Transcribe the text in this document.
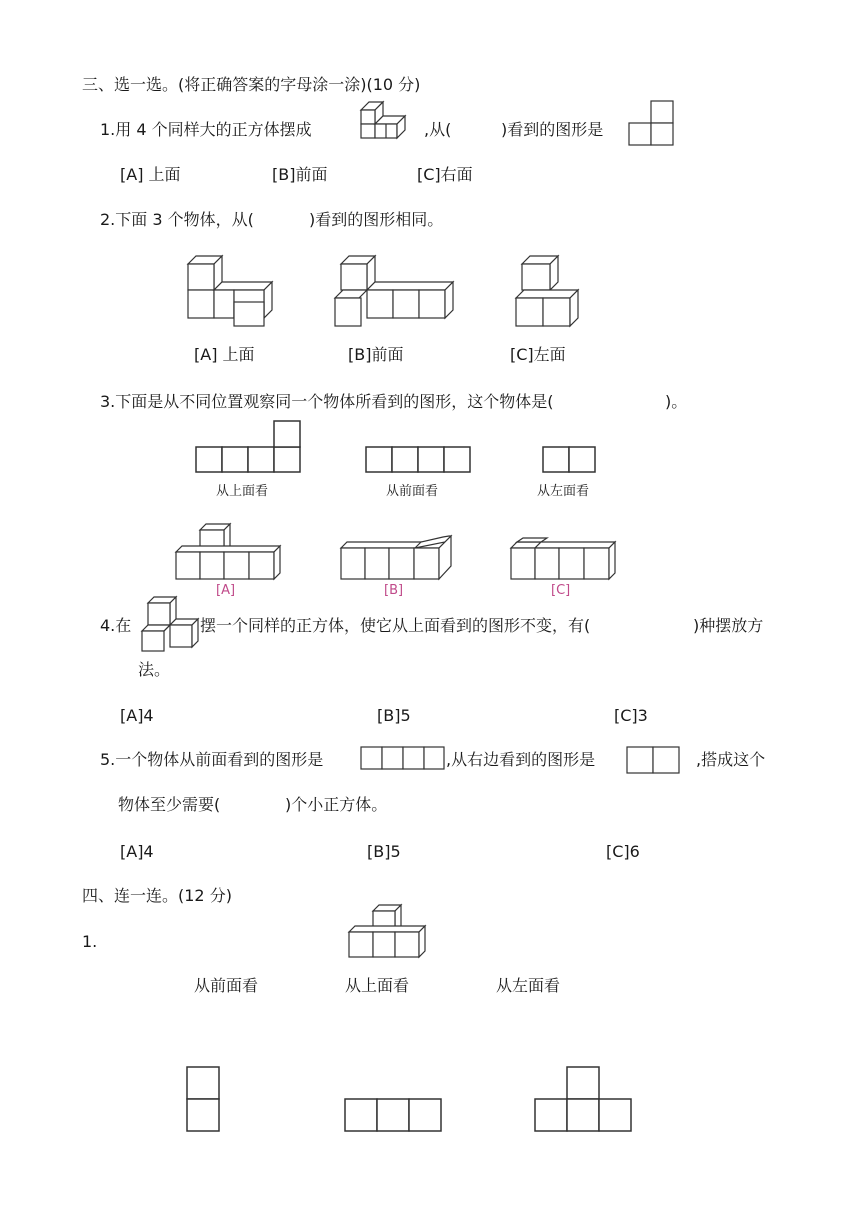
三、选一选。(将正确答案的字母涂一涂)(10 分)
1.用 4 个同样大的正方体摆成	,从(	)看到的图形是
[A] 上面	[B]前面	[C]右面
2.下面 3 个物体，从(	)看到的图形相同。
[A] 上面	[B]前面	[C]左面
3.下面是从不同位置观察同一个物体所看到的图形，这个物体是(	)。
从上面看	从前面看	从左面看
[A]	[B]	[C]
4.在	摆一个同样的正方体，使它从上面看到的图形不变，有(	)种摆放方
法。
[A]4	[B]5	[C]3
5.一个物体从前面看到的图形是	,从右边看到的图形是	,搭成这个
物体至少需要(	)个小正方体。
[A]4	[B]5	[C]6
四、连一连。(12 分)
1.
从前面看	从上面看	从左面看
